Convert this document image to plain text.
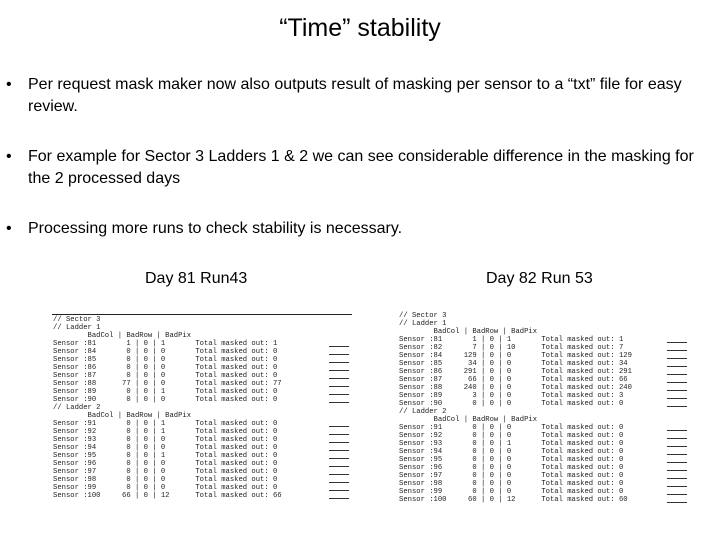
“Time” stability
• Per request mask maker now also outputs result of masking per sensor to a “txt” file for easy review.
• For example for Sector 3 Ladders 1 & 2 we can see considerable difference in the masking for the 2 processed days
• Processing more runs to check stability is necessary.
Day 81 Run43	Day 82 Run 53
// Sector 3
// Ladder 1
BadCol | BadRow | BadPix
Sensor :81       1 | 0 | 1       Total masked out: 1
Sensor :84       0 | 0 | 0       Total masked out: 0
Sensor :85       0 | 0 | 0       Total masked out: 0
Sensor :86       0 | 0 | 0       Total masked out: 0
Sensor :87       0 | 0 | 0       Total masked out: 0
Sensor :88      77 | 0 | 0       Total masked out: 77
Sensor :89       0 | 0 | 1       Total masked out: 0
Sensor :90       0 | 0 | 0       Total masked out: 0
// Ladder 2
BadCol | BadRow | BadPix
Sensor :91       0 | 0 | 1       Total masked out: 0
Sensor :92       0 | 0 | 1       Total masked out: 0
Sensor :93       0 | 0 | 0       Total masked out: 0
Sensor :94       0 | 0 | 0       Total masked out: 0
Sensor :95       0 | 0 | 1       Total masked out: 0
Sensor :96       0 | 0 | 0       Total masked out: 0
Sensor :97       0 | 0 | 0       Total masked out: 0
Sensor :98       0 | 0 | 0       Total masked out: 0
Sensor :99       0 | 0 | 0       Total masked out: 0
Sensor :100     66 | 0 | 12      Total masked out: 66
// Sector 3
// Ladder 1
BadCol | BadRow | BadPix
Sensor :81       1 | 0 | 1       Total masked out: 1
Sensor :82       7 | 0 | 10      Total masked out: 7
Sensor :84     129 | 0 | 0       Total masked out: 129
Sensor :85      34 | 0 | 0       Total masked out: 34
Sensor :86     291 | 0 | 0       Total masked out: 291
Sensor :87      66 | 0 | 0       Total masked out: 66
Sensor :88     240 | 0 | 0       Total masked out: 240
Sensor :89       3 | 0 | 0       Total masked out: 3
Sensor :90       0 | 0 | 0       Total masked out: 0
// Ladder 2
BadCol | BadRow | BadPix
Sensor :91       0 | 0 | 0       Total masked out: 0
Sensor :92       0 | 0 | 0       Total masked out: 0
Sensor :93       0 | 0 | 1       Total masked out: 0
Sensor :94       0 | 0 | 0       Total masked out: 0
Sensor :95       0 | 0 | 0       Total masked out: 0
Sensor :96       0 | 0 | 0       Total masked out: 0
Sensor :97       0 | 0 | 0       Total masked out: 0
Sensor :98       0 | 0 | 0       Total masked out: 0
Sensor :99       0 | 0 | 0       Total masked out: 0
Sensor :100     60 | 0 | 12      Total masked out: 60
